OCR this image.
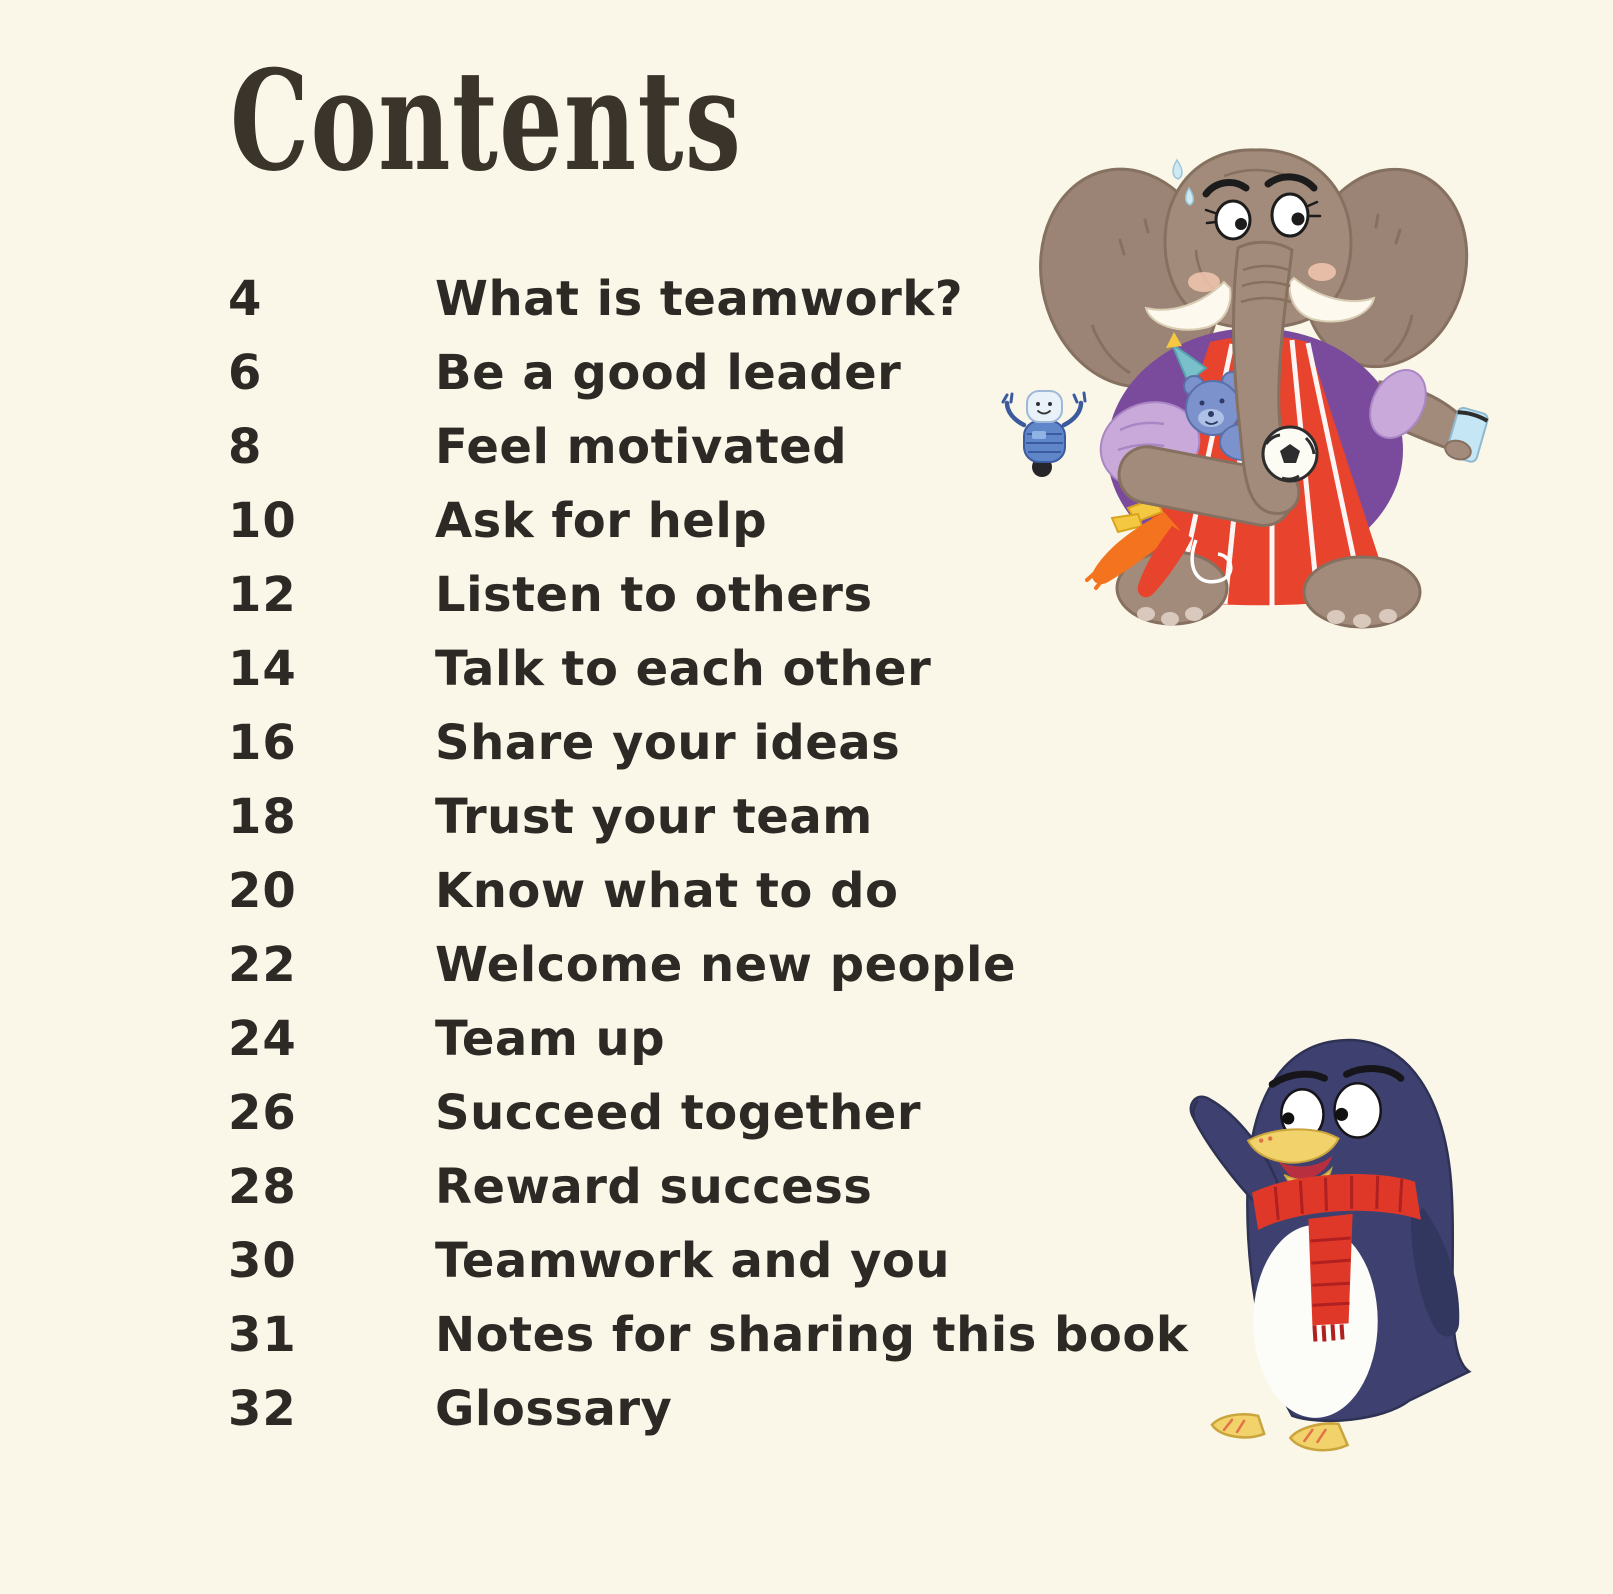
Contents
4	What is teamwork?
6	Be a good leader
8	Feel motivated
10	Ask for help
12	Listen to others
14	Talk to each other
16	Share your ideas
18	Trust your team
20	Know what to do
22	Welcome new people
24	Team up
26	Succeed together
28	Reward success
30	Teamwork and you
31	Notes for sharing this book
32	Glossary
